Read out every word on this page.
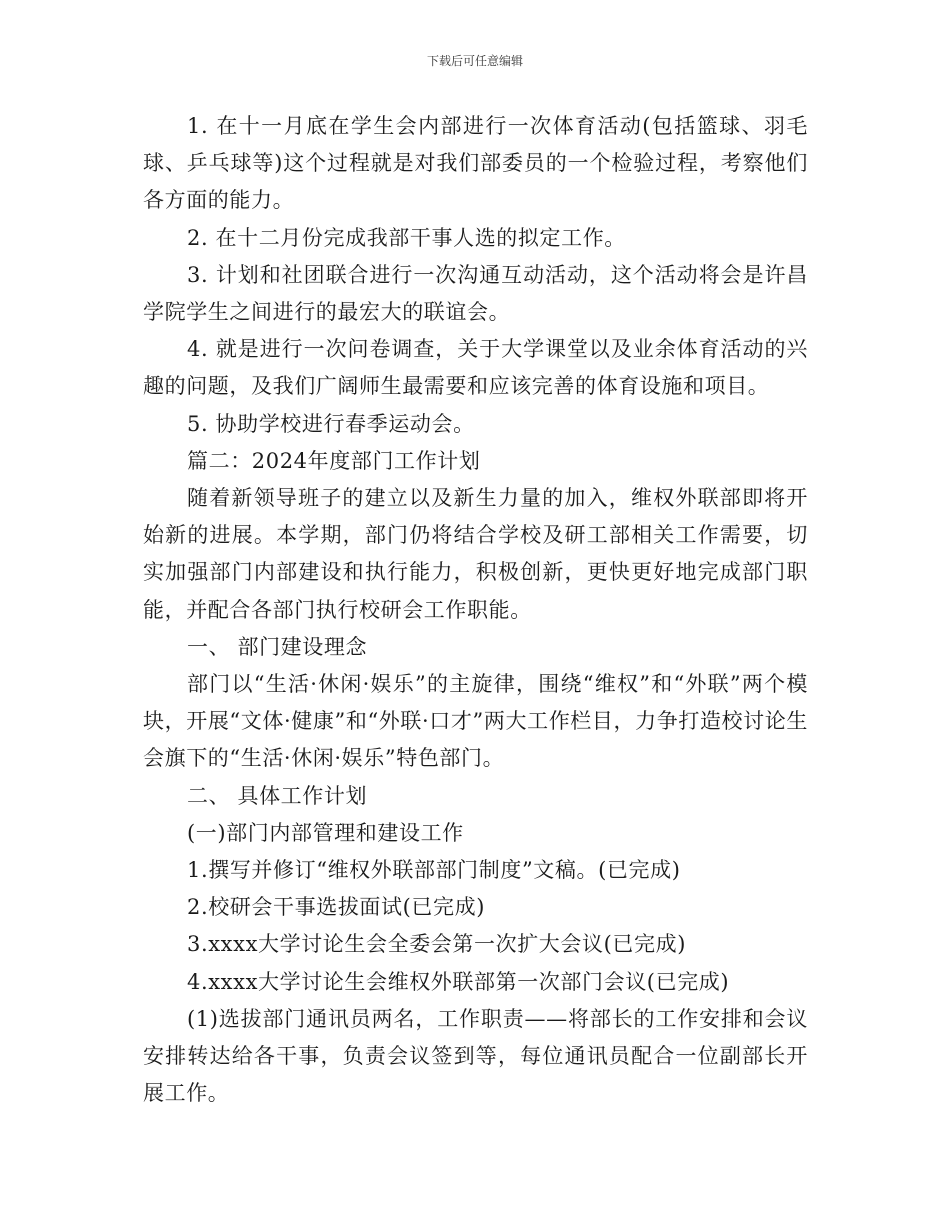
下载后可任意编辑

1. 在十一月底在学生会内部进行一次体育活动(包括篮球、羽毛球、乒乓球等)这个过程就是对我们部委员的一个检验过程，考察他们各方面的能力。

2. 在十二月份完成我部干事人选的拟定工作。

3. 计划和社团联合进行一次沟通互动活动，这个活动将会是许昌学院学生之间进行的最宏大的联谊会。

4. 就是进行一次问卷调查，关于大学课堂以及业余体育活动的兴趣的问题，及我们广阔师生最需要和应该完善的体育设施和项目。

5. 协助学校进行春季运动会。

篇二：2024年度部门工作计划

随着新领导班子的建立以及新生力量的加入，维权外联部即将开始新的进展。本学期，部门仍将结合学校及研工部相关工作需要，切实加强部门内部建设和执行能力，积极创新，更快更好地完成部门职能，并配合各部门执行校研会工作职能。

一、 部门建设理念

部门以“生活·休闲·娱乐”的主旋律，围绕“维权”和“外联”两个模块，开展“文体·健康”和“外联·口才”两大工作栏目，力争打造校讨论生会旗下的“生活·休闲·娱乐”特色部门。

二、 具体工作计划

(一)部门内部管理和建设工作

1.撰写并修订“维权外联部部门制度”文稿。(已完成)

2.校研会干事选拔面试(已完成)

3.xxxx大学讨论生会全委会第一次扩大会议(已完成)

4.xxxx大学讨论生会维权外联部第一次部门会议(已完成)

(1)选拔部门通讯员两名，工作职责——将部长的工作安排和会议安排转达给各干事，负责会议签到等，每位通讯员配合一位副部长开展工作。
